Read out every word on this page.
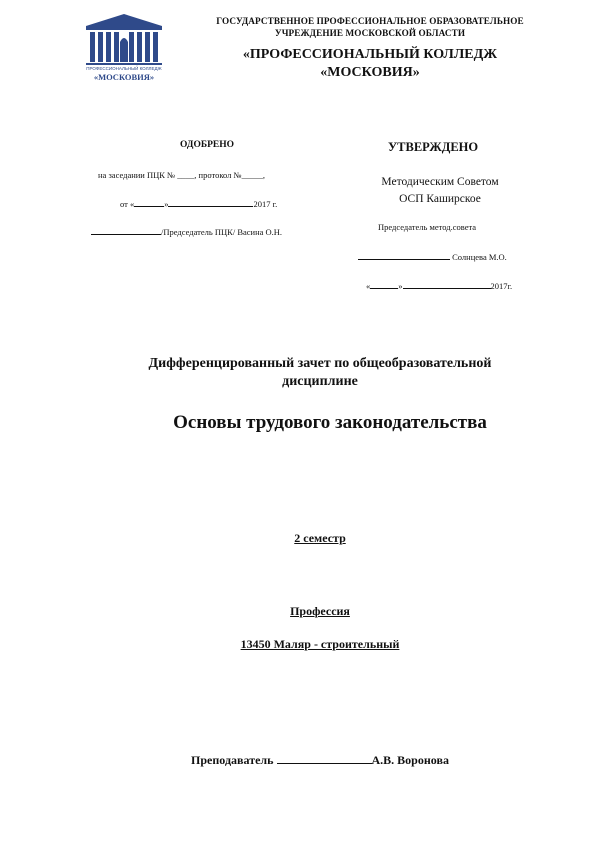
ПРОФЕССИОНАЛЬНЫЙ КОЛЛЕДЖ
«МОСКОВИЯ»
ГОСУДАРСТВЕННОЕ ПРОФЕССИОНАЛЬНОЕ ОБРАЗОВАТЕЛЬНОЕ
УЧРЕЖДЕНИЕ МОСКОВСКОЙ ОБЛАСТИ
«ПРОФЕССИОНАЛЬНЫЙ КОЛЛЕДЖ
«МОСКОВИЯ»
ОДОБРЕНО
на заседании ПЦК № ____, протокол №_____,
от «	»	2017 г.
/Председатель ПЦК/ Васина О.Н.
УТВЕРЖДЕНО
Методическим Советом
ОСП Каширское
Председатель метод.совета
Солнцева М.О.
«	»	2017г.
Дифференцированный зачет по общеобразовательной
дисциплине
Основы трудового законодательства
2 семестр
Профессия
13450 Маляр - строительный
Преподаватель	А.В. Воронова
